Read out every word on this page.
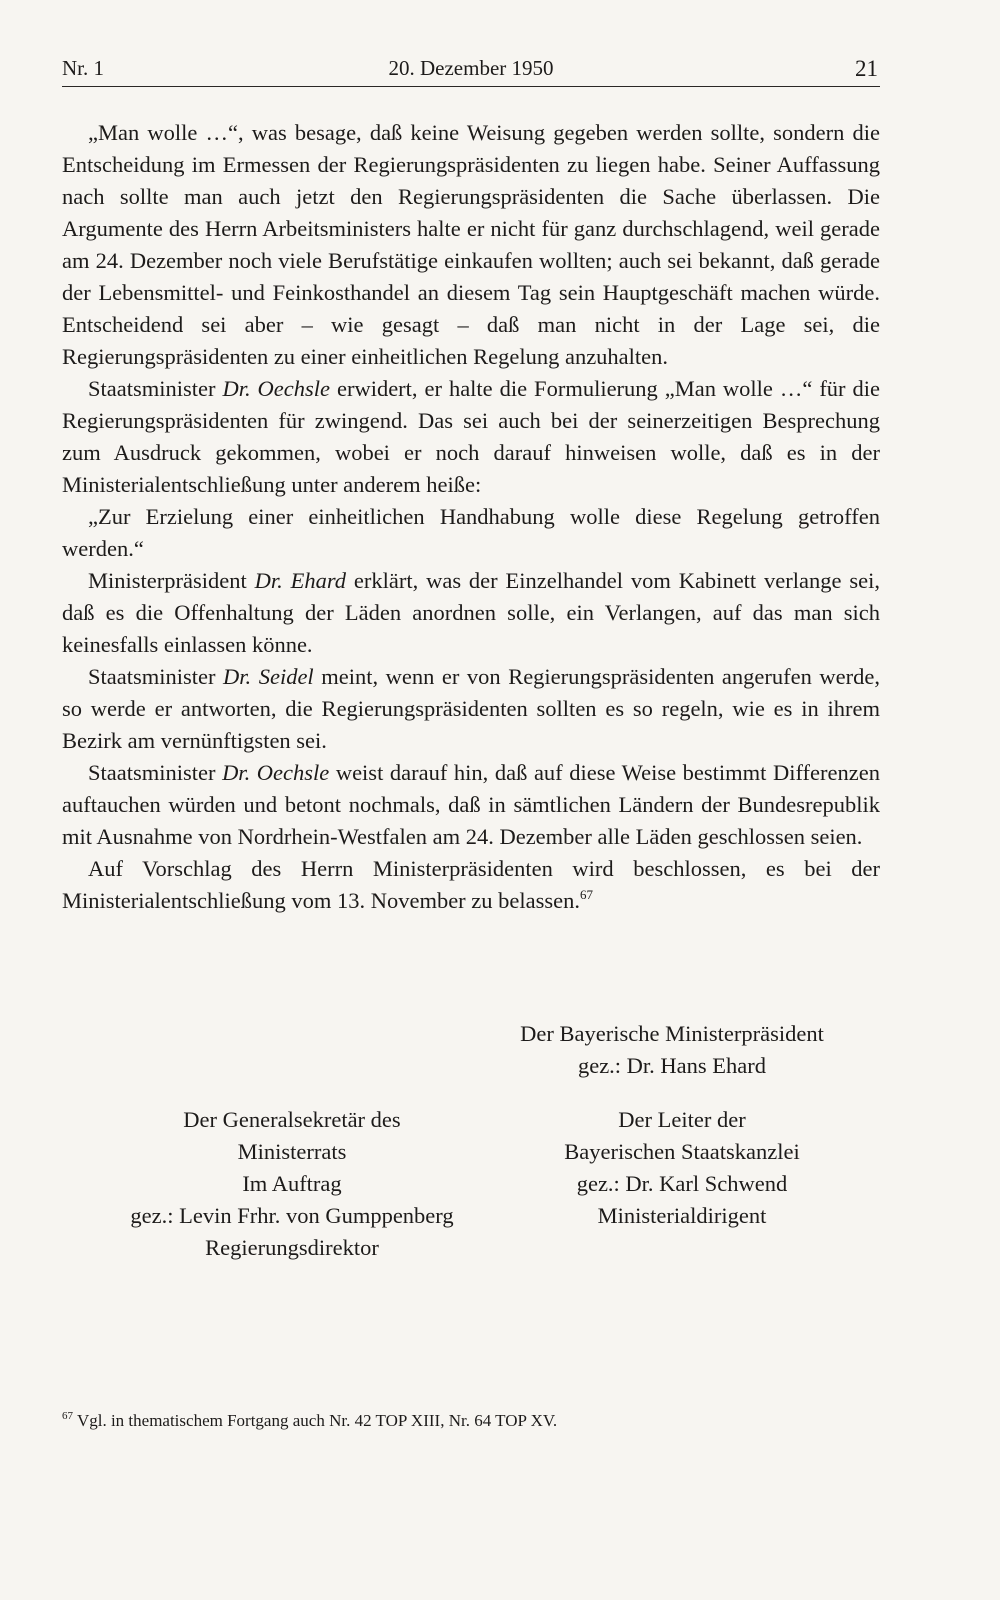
Nr. 1	20. Dezember 1950	21

„Man wolle …“, was besage, daß keine Weisung gegeben werden sollte, sondern die Entscheidung im Ermessen der Regierungspräsidenten zu liegen habe. Seiner Auffassung nach sollte man auch jetzt den Regierungspräsidenten die Sache überlassen. Die Argumente des Herrn Arbeitsministers halte er nicht für ganz durchschlagend, weil gerade am 24. Dezember noch viele Berufstätige einkaufen wollten; auch sei bekannt, daß gerade der Lebensmittel- und Feinkosthandel an diesem Tag sein Hauptgeschäft machen würde. Entscheidend sei aber – wie gesagt – daß man nicht in der Lage sei, die Regierungspräsidenten zu einer einheitlichen Regelung anzuhalten.

Staatsminister Dr. Oechsle erwidert, er halte die Formulierung „Man wolle …“ für die Regierungspräsidenten für zwingend. Das sei auch bei der seinerzeitigen Besprechung zum Ausdruck gekommen, wobei er noch darauf hinweisen wolle, daß es in der Ministerialentschließung unter anderem heiße:

„Zur Erzielung einer einheitlichen Handhabung wolle diese Regelung getroffen werden.“

Ministerpräsident Dr. Ehard erklärt, was der Einzelhandel vom Kabinett verlange sei, daß es die Offenhaltung der Läden anordnen solle, ein Verlangen, auf das man sich keinesfalls einlassen könne.

Staatsminister Dr. Seidel meint, wenn er von Regierungspräsidenten angerufen werde, so werde er antworten, die Regierungspräsidenten sollten es so regeln, wie es in ihrem Bezirk am vernünftigsten sei.

Staatsminister Dr. Oechsle weist darauf hin, daß auf diese Weise bestimmt Differenzen auftauchen würden und betont nochmals, daß in sämtlichen Ländern der Bundesrepublik mit Ausnahme von Nordrhein-Westfalen am 24. Dezember alle Läden geschlossen seien.

Auf Vorschlag des Herrn Ministerpräsidenten wird beschlossen, es bei der Ministerialentschließung vom 13. November zu belassen.$^{67}$

Der Bayerische Ministerpräsident
gez.: Dr. Hans Ehard
Der Generalsekretär des
Ministerrats
Im Auftrag
gez.: Levin Frhr. von Gumppenberg
Regierungsdirektor
Der Leiter der
Bayerischen Staatskanzlei
gez.: Dr. Karl Schwend
Ministerialdirigent
$^{67}$ Vgl. in thematischem Fortgang auch Nr. 42 TOP XIII, Nr. 64 TOP XV.
